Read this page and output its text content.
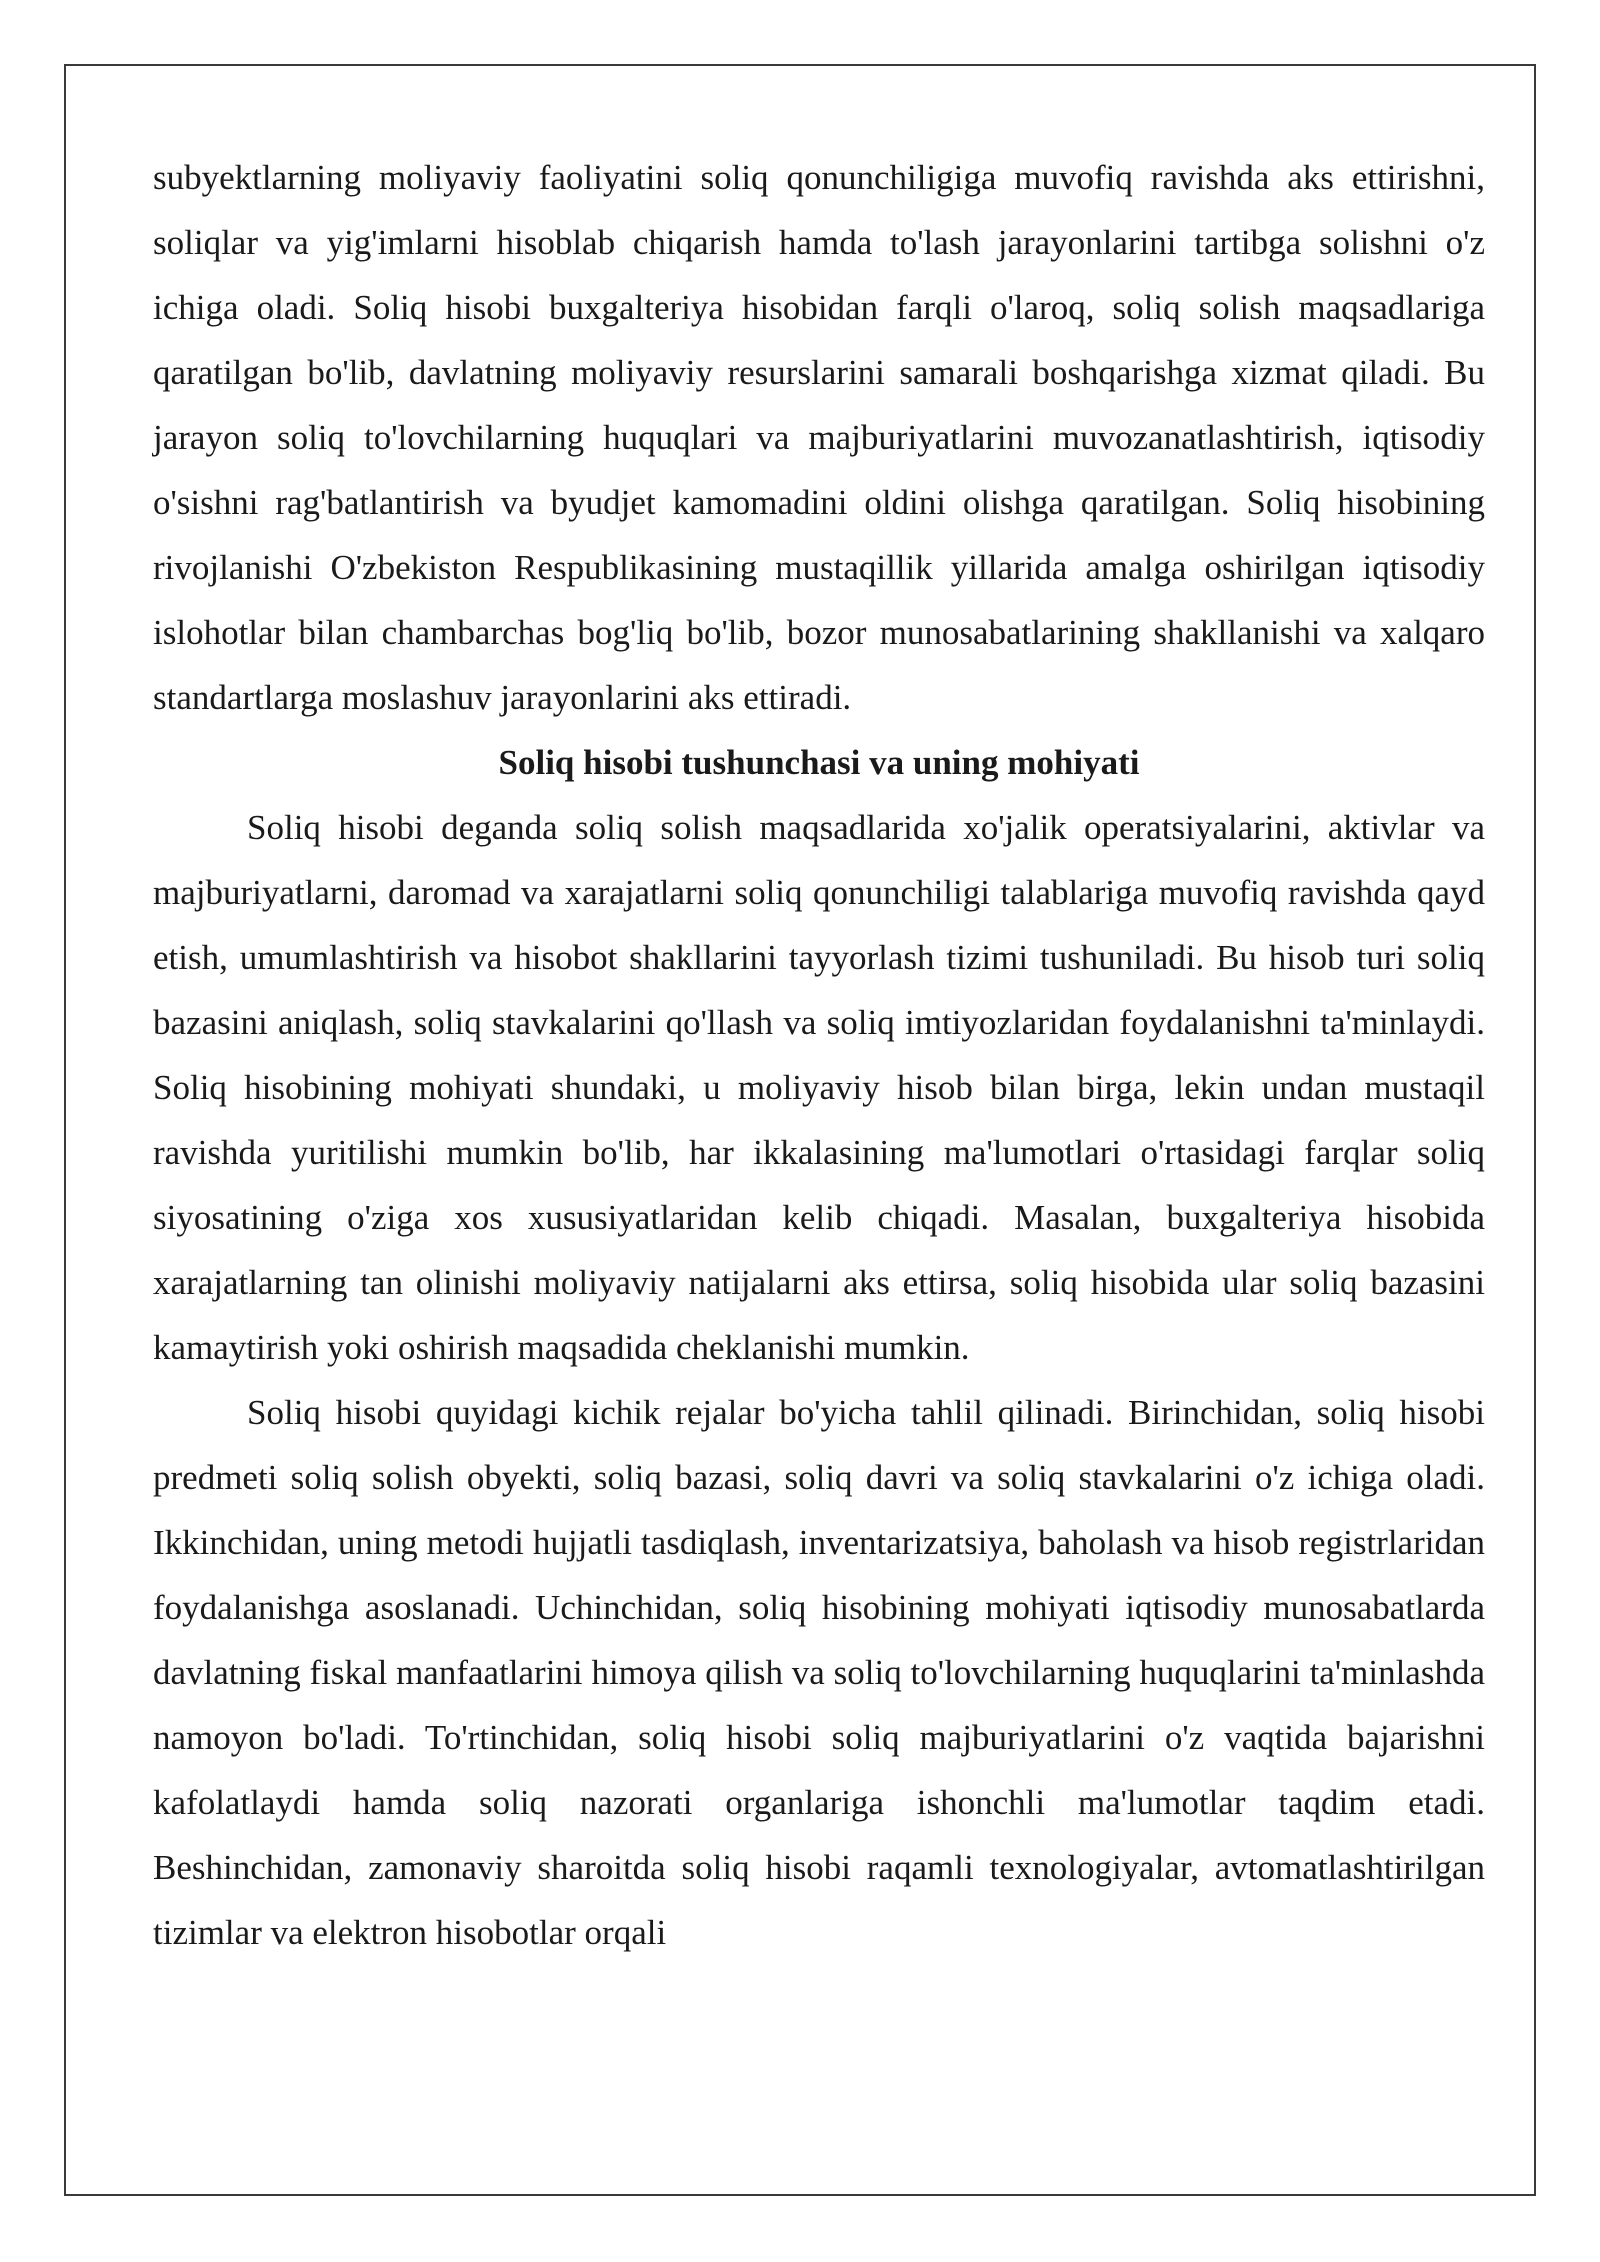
subyektlarning moliyaviy faoliyatini soliq qonunchiligiga muvofiq ravishda aks ettirishni, soliqlar va yig'imlarni hisoblab chiqarish hamda to'lash jarayonlarini tartibga solishni o'z ichiga oladi. Soliq hisobi buxgalteriya hisobidan farqli o'laroq, soliq solish maqsadlariga qaratilgan bo'lib, davlatning moliyaviy resurslarini samarali boshqarishga xizmat qiladi. Bu jarayon soliq to'lovchilarning huquqlari va majburiyatlarini muvozanatlashtirish, iqtisodiy o'sishni rag'batlantirish va byudjet kamomadini oldini olishga qaratilgan. Soliq hisobining rivojlanishi O'zbekiston Respublikasining mustaqillik yillarida amalga oshirilgan iqtisodiy islohotlar bilan chambarchas bog'liq bo'lib, bozor munosabatlarining shakllanishi va xalqaro standartlarga moslashuv jarayonlarini aks ettiradi.

Soliq hisobi tushunchasi va uning mohiyati

Soliq hisobi deganda soliq solish maqsadlarida xo'jalik operatsiyalarini, aktivlar va majburiyatlarni, daromad va xarajatlarni soliq qonunchiligi talablariga muvofiq ravishda qayd etish, umumlashtirish va hisobot shakllarini tayyorlash tizimi tushuniladi. Bu hisob turi soliq bazasini aniqlash, soliq stavkalarini qo'llash va soliq imtiyozlaridan foydalanishni ta'minlaydi. Soliq hisobining mohiyati shundaki, u moliyaviy hisob bilan birga, lekin undan mustaqil ravishda yuritilishi mumkin bo'lib, har ikkalasining ma'lumotlari o'rtasidagi farqlar soliq siyosatining o'ziga xos xususiyatlaridan kelib chiqadi. Masalan, buxgalteriya hisobida xarajatlarning tan olinishi moliyaviy natijalarni aks ettirsa, soliq hisobida ular soliq bazasini kamaytirish yoki oshirish maqsadida cheklanishi mumkin.

Soliq hisobi quyidagi kichik rejalar bo'yicha tahlil qilinadi. Birinchidan, soliq hisobi predmeti soliq solish obyekti, soliq bazasi, soliq davri va soliq stavkalarini o'z ichiga oladi. Ikkinchidan, uning metodi hujjatli tasdiqlash, inventarizatsiya, baholash va hisob registrlaridan foydalanishga asoslanadi. Uchinchidan, soliq hisobining mohiyati iqtisodiy munosabatlarda davlatning fiskal manfaatlarini himoya qilish va soliq to'lovchilarning huquqlarini ta'minlashda namoyon bo'ladi. To'rtinchidan, soliq hisobi soliq majburiyatlarini o'z vaqtida bajarishni kafolatlaydi hamda soliq nazorati organlariga ishonchli ma'lumotlar taqdim etadi. Beshinchidan, zamonaviy sharoitda soliq hisobi raqamli texnologiyalar, avtomatlashtirilgan tizimlar va elektron hisobotlar orqali
